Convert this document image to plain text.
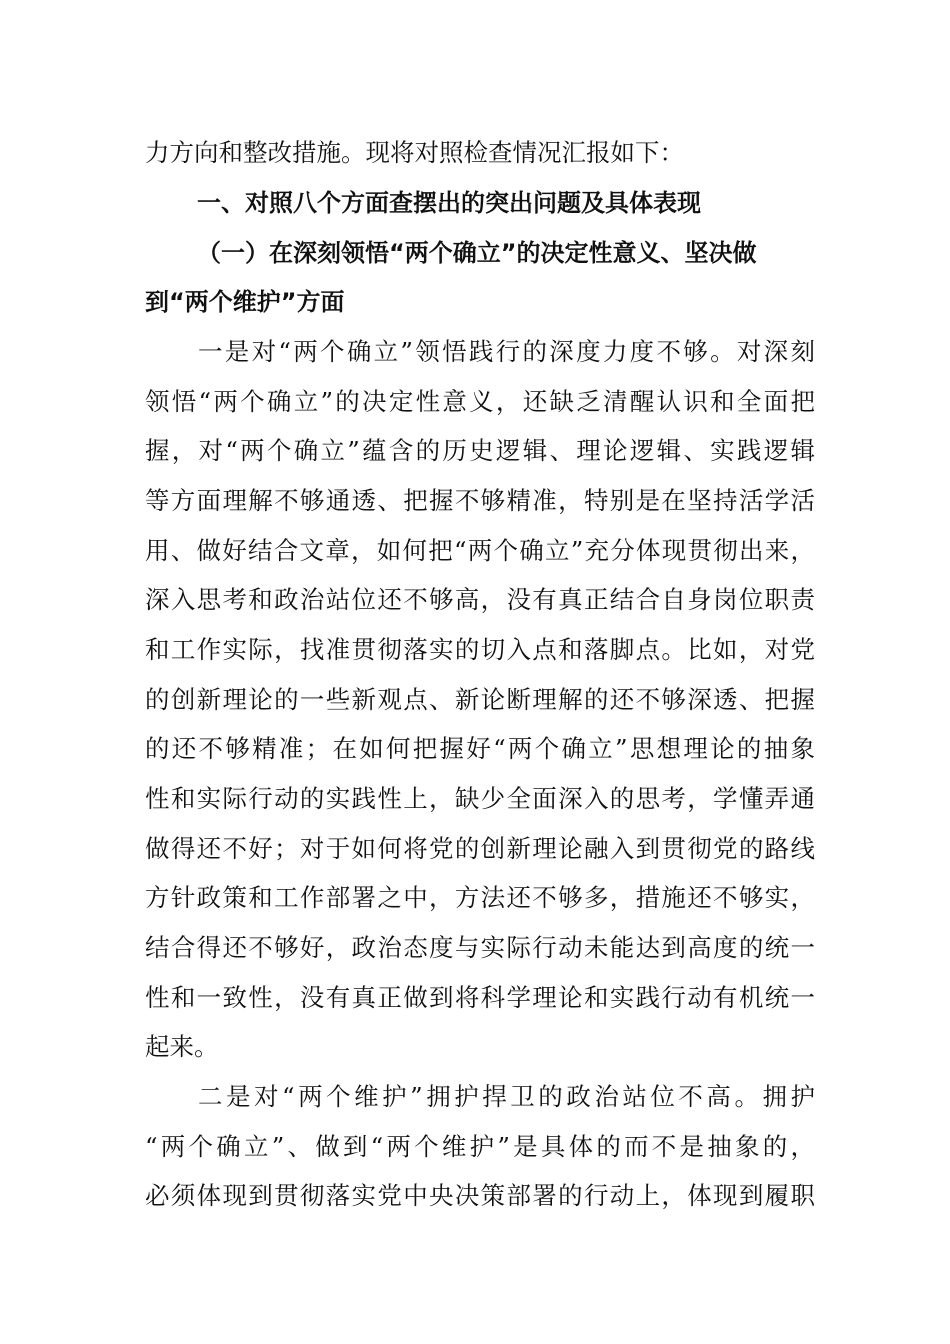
力方向和整改措施。现将对照检查情况汇报如下：
一、对照八个方面查摆出的突出问题及具体表现
（一）在深刻领悟“两个确立”的决定性意义、坚决做
到“两个维护”方面
一是对“两个确立”领悟践行的深度力度不够。对深刻
领悟“两个确立”的决定性意义，还缺乏清醒认识和全面把
握，对“两个确立”蕴含的历史逻辑、理论逻辑、实践逻辑
等方面理解不够通透、把握不够精准，特别是在坚持活学活
用、做好结合文章，如何把“两个确立”充分体现贯彻出来，
深入思考和政治站位还不够高，没有真正结合自身岗位职责
和工作实际，找准贯彻落实的切入点和落脚点。比如，对党
的创新理论的一些新观点、新论断理解的还不够深透、把握
的还不够精准；在如何把握好“两个确立”思想理论的抽象
性和实际行动的实践性上，缺少全面深入的思考，学懂弄通
做得还不好；对于如何将党的创新理论融入到贯彻党的路线
方针政策和工作部署之中，方法还不够多，措施还不够实，
结合得还不够好，政治态度与实际行动未能达到高度的统一
性和一致性，没有真正做到将科学理论和实践行动有机统一
起来。
二是对“两个维护”拥护捍卫的政治站位不高。拥护
“两个确立”、做到“两个维护”是具体的而不是抽象的，
必须体现到贯彻落实党中央决策部署的行动上，体现到履职
